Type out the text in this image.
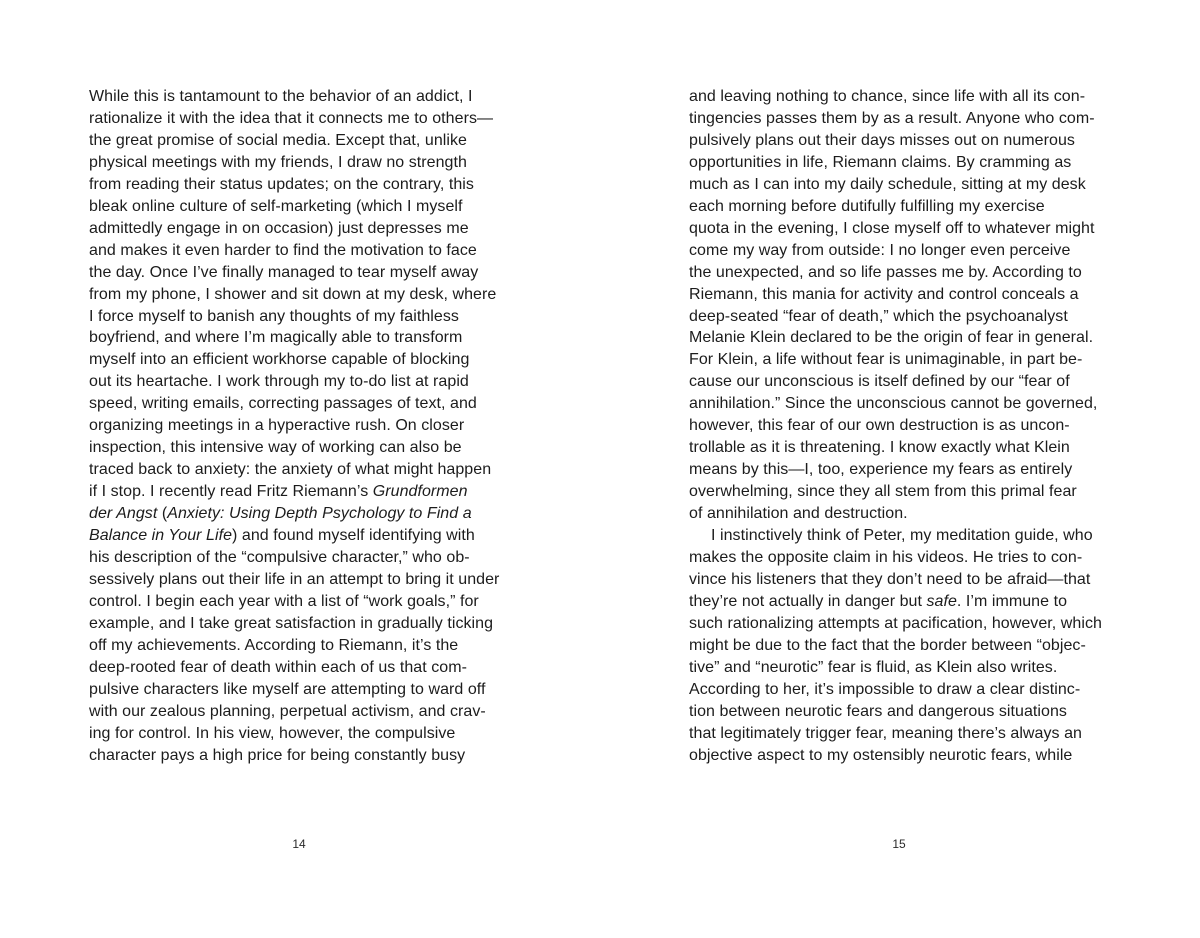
While this is tantamount to the behavior of an addict, I
rationalize it with the idea that it connects me to others—
the great promise of social media. Except that, unlike
physical meetings with my friends, I draw no strength
from reading their status updates; on the contrary, this
bleak online culture of self-marketing (which I myself
admittedly engage in on occasion) just depresses me
and makes it even harder to find the motivation to face
the day. Once I’ve finally managed to tear myself away
from my phone, I shower and sit down at my desk, where
I force myself to banish any thoughts of my faithless
boyfriend, and where I’m magically able to transform
myself into an efficient workhorse capable of blocking
out its heartache. I work through my to-do list at rapid
speed, writing emails, correcting passages of text, and
organizing meetings in a hyperactive rush. On closer
inspection, this intensive way of working can also be
traced back to anxiety: the anxiety of what might happen
if I stop. I recently read Fritz Riemann’s Grundformen
der Angst (Anxiety: Using Depth Psychology to Find a
Balance in Your Life) and found myself identifying with
his description of the “compulsive character,” who ob-
sessively plans out their life in an attempt to bring it under
control. I begin each year with a list of “work goals,” for
example, and I take great satisfaction in gradually ticking
off my achievements. According to Riemann, it’s the
deep-rooted fear of death within each of us that com-
pulsive characters like myself are attempting to ward off
with our zealous planning, perpetual activism, and crav-
ing for control. In his view, however, the compulsive
character pays a high price for being constantly busy
14
and leaving nothing to chance, since life with all its con-
tingencies passes them by as a result. Anyone who com-
pulsively plans out their days misses out on numerous
opportunities in life, Riemann claims. By cramming as
much as I can into my daily schedule, sitting at my desk
each morning before dutifully fulfilling my exercise
quota in the evening, I close myself off to whatever might
come my way from outside: I no longer even perceive
the unexpected, and so life passes me by. According to
Riemann, this mania for activity and control conceals a
deep-seated “fear of death,” which the psychoanalyst
Melanie Klein declared to be the origin of fear in general.
For Klein, a life without fear is unimaginable, in part be-
cause our unconscious is itself defined by our “fear of
annihilation.” Since the unconscious cannot be governed,
however, this fear of our own destruction is as uncon-
trollable as it is threatening. I know exactly what Klein
means by this—I, too, experience my fears as entirely
overwhelming, since they all stem from this primal fear
of annihilation and destruction.
I instinctively think of Peter, my meditation guide, who
makes the opposite claim in his videos. He tries to con-
vince his listeners that they don’t need to be afraid—that
they’re not actually in danger but safe. I’m immune to
such rationalizing attempts at pacification, however, which
might be due to the fact that the border between “objec-
tive” and “neurotic” fear is fluid, as Klein also writes.
According to her, it’s impossible to draw a clear distinc-
tion between neurotic fears and dangerous situations
that legitimately trigger fear, meaning there’s always an
objective aspect to my ostensibly neurotic fears, while
15
